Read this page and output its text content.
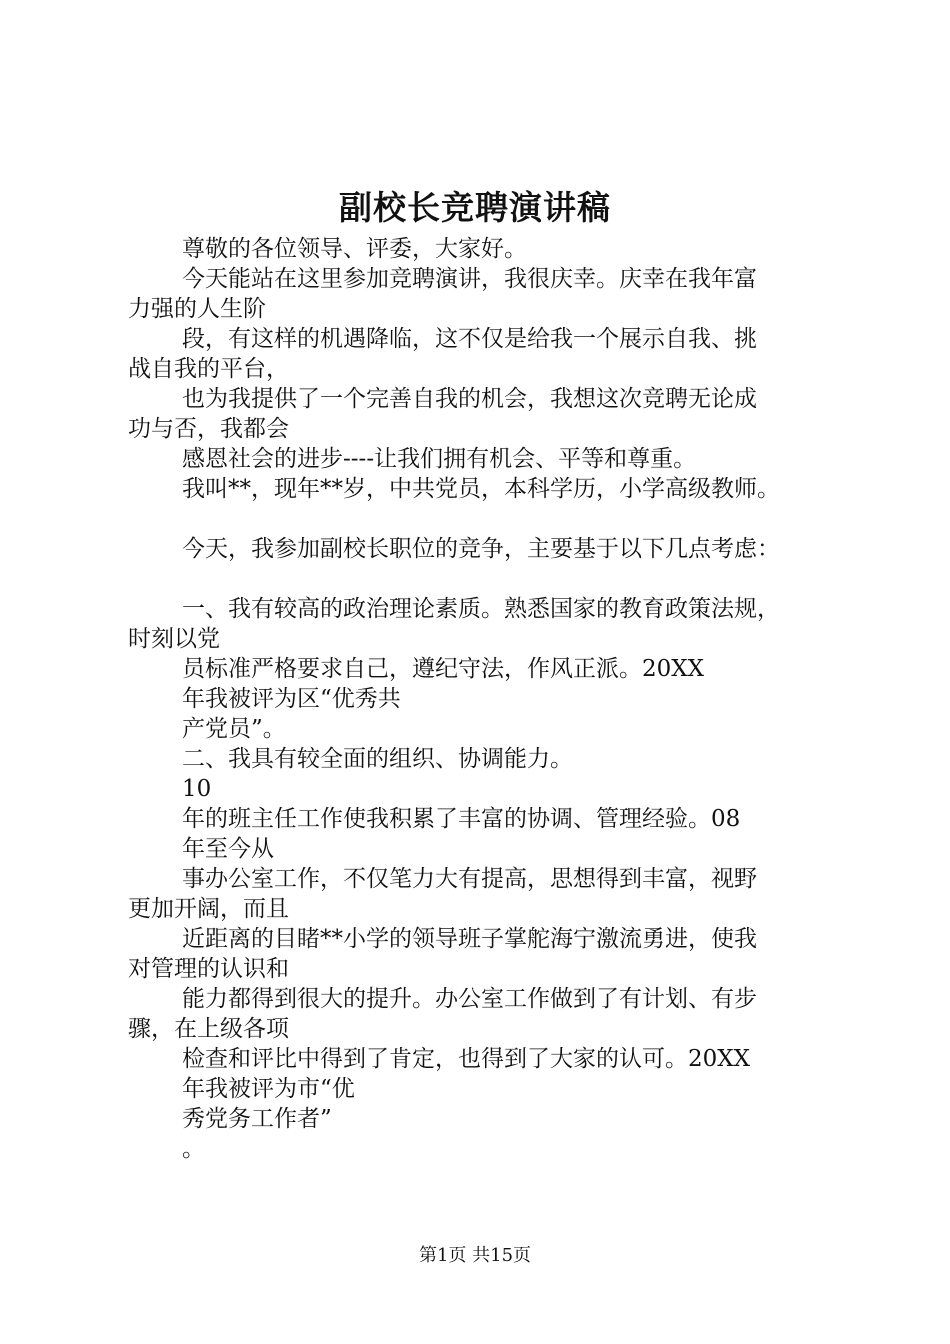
副校长竞聘演讲稿
尊敬的各位领导、评委，大家好。
今天能站在这里参加竞聘演讲，我很庆幸。庆幸在我年富
力强的人生阶
段，有这样的机遇降临，这不仅是给我一个展示自我、挑
战自我的平台，
也为我提供了一个完善自我的机会，我想这次竞聘无论成
功与否，我都会
感恩社会的进步----让我们拥有机会、平等和尊重。
我叫**，现年**岁，中共党员，本科学历，小学高级教师。
今天，我参加副校长职位的竞争，主要基于以下几点考虑：
一、我有较高的政治理论素质。熟悉国家的教育政策法规，
时刻以党
员标准严格要求自己，遵纪守法，作风正派。20XX
年我被评为区“优秀共
产党员”。
二、我具有较全面的组织、协调能力。
10
年的班主任工作使我积累了丰富的协调、管理经验。08
年至今从
事办公室工作，不仅笔力大有提高，思想得到丰富，视野
更加开阔，而且
近距离的目睹**小学的领导班子掌舵海宁激流勇进，使我
对管理的认识和
能力都得到很大的提升。办公室工作做到了有计划、有步
骤，在上级各项
检查和评比中得到了肯定，也得到了大家的认可。20XX
年我被评为市“优
秀党务工作者”
。
第1页 共15页
